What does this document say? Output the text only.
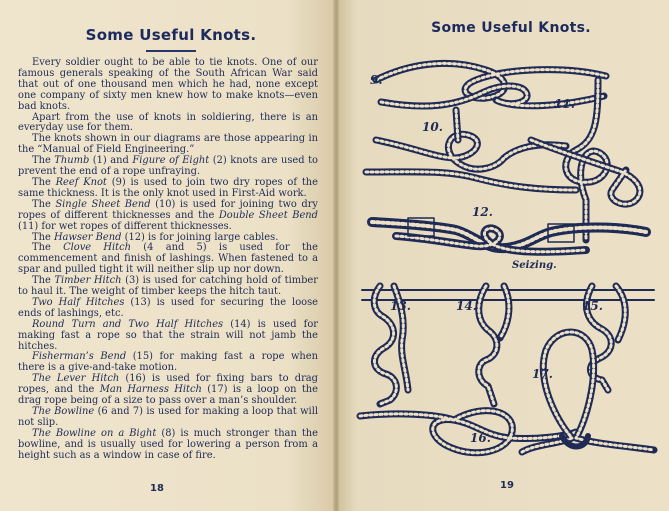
Some Useful Knots.

Every soldier ought to be able to tie knots. One of our famous generals speaking of the South African War said that out of one thousand men which he had, none except one company of sixty men knew how to make knots—even bad knots.

Apart from the use of knots in soldiering, there is an everyday use for them.

The knots shown in our diagrams are those appearing in the “Manual of Field Engineering.”

The Thumb (1) and Figure of Eight (2) knots are used to prevent the end of a rope unfraying.

The Reef Knot (9) is used to join two dry ropes of the same thickness. It is the only knot used in First-Aid work.

The Single Sheet Bend (10) is used for joining two dry ropes of different thicknesses and the Double Sheet Bend (11) for wet ropes of different thicknesses.

The Hawser Bend (12) is for joining large cables.

The Clove Hitch (4 and 5) is used for the commencement and finish of lashings. When fastened to a spar and pulled tight it will neither slip up nor down.

The Timber Hitch (3) is used for catching hold of timber to haul it. The weight of timber keeps the hitch taut.

Two Half Hitches (13) is used for securing the loose ends of lashings, etc.

Round Turn and Two Half Hitches (14) is used for making fast a rope so that the strain will not jamb the hitches.

Fisherman’s Bend (15) for making fast a rope when there is a give-and-take motion.

The Lever Hitch (16) is used for fixing bars to drag ropes, and the Man Harness Hitch (17) is a loop on the drag rope being of a size to pass over a man’s shoulder.

The Bowline (6 and 7) is used for making a loop that will not slip.

The Bowline on a Bight (8) is much stronger than the bowline, and is usually used for lowering a person from a height such as a window in case of fire.

18
Some Useful Knots.
9.
10.
11.
12.
Seizing.
13.	14.	15.
16.
17.
19
